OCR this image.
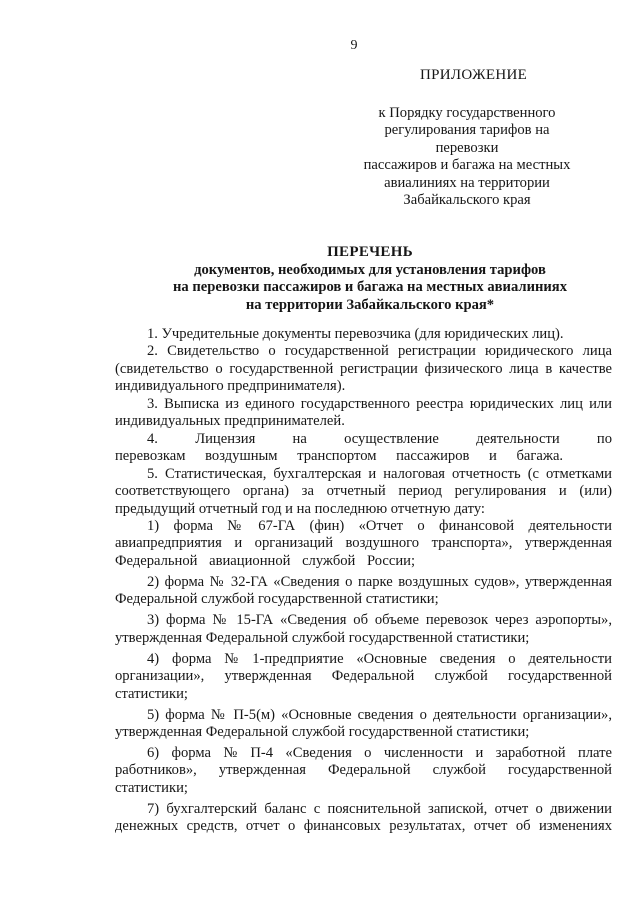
9
ПРИЛОЖЕНИЕ
к Порядку государственного
регулирования тарифов на перевозки
пассажиров и багажа на местных
авиалиниях на территории
Забайкальского края
ПЕРЕЧЕНЬ
документов, необходимых для установления тарифов
на перевозки пассажиров и багажа на местных авиалиниях
на территории Забайкальского края*

1. Учредительные документы перевозчика (для юридических лиц).

2. Свидетельство о государственной регистрации юридического лица (свидетельство о государственной регистрации физического лица в качестве индивидуального предпринимателя).

3. Выписка из единого государственного реестра юридических лиц или индивидуальных предпринимателей.

4. Лицензия на осуществление деятельности по перевозкам воздушным транспортом пассажиров и багажа.

5. Статистическая, бухгалтерская и налоговая отчетность (с отметками соответствующего органа) за отчетный период регулирования и (или) предыдущий отчетный год и на последнюю отчетную дату:

1) форма № 67-ГА (фин) «Отчет о финансовой деятельности авиапредприятия и организаций воздушного транспорта», утвержденная Федеральной авиационной службой России;

2) форма № 32-ГА «Сведения о парке воздушных судов», утвержденная Федеральной службой государственной статистики;

3) форма № 15-ГА «Сведения об объеме перевозок через аэропорты», утвержденная Федеральной службой государственной статистики;

4) форма № 1-предприятие «Основные сведения о деятельности организации», утвержденная Федеральной службой государственной статистики;

5) форма № П-5(м) «Основные сведения о деятельности организации», утвержденная Федеральной службой государственной статистики;

6) форма № П-4 «Сведения о численности и заработной плате работников», утвержденная Федеральной службой государственной статистики;

7) бухгалтерский баланс с пояснительной запиской, отчет о движении денежных средств, отчет о финансовых результатах, отчет об изменениях
